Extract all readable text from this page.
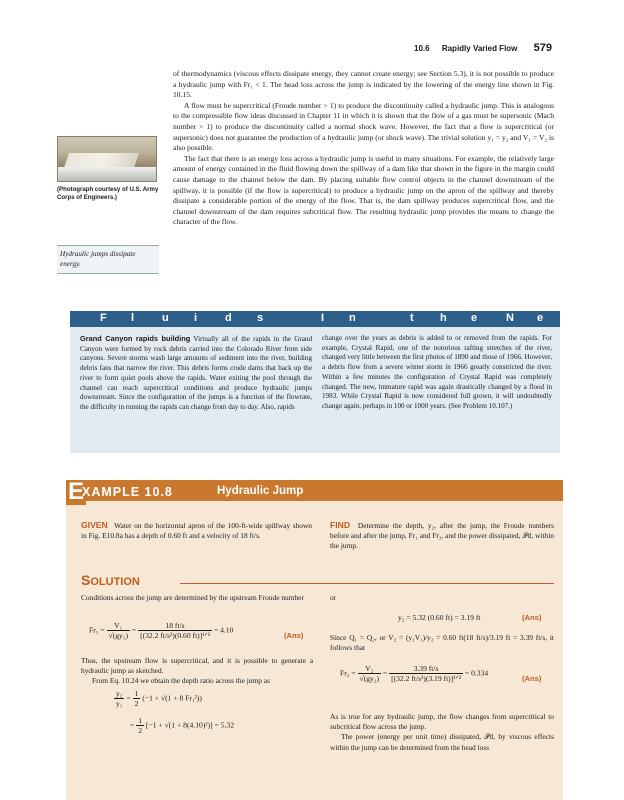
10.6 Rapidly Varied Flow 579

of thermodynamics (viscous effects dissipate energy, they cannot create energy; see Section 5.3), it is not possible to produce a hydraulic jump with Fr₁ < 1. The head loss across the jump is indicated by the lowering of the energy line shown in Fig. 10.15.

A flow must be supercritical (Froude number > 1) to produce the discontinuity called a hydraulic jump. This is analogous to the compressible flow ideas discussed in Chapter 11 in which it is shown that the flow of a gas must be supersonic (Mach number > 1) to produce the discontinuity called a normal shock wave. However, the fact that a flow is supercritical (or supersonic) does not guarantee the production of a hydraulic jump (or shock wave). The trivial solution y₁ = y₂ and V₁ = V₂ is also possible.

The fact that there is an energy loss across a hydraulic jump is useful in many situations. For example, the relatively large amount of energy contained in the fluid flowing down the spillway of a dam like that shown in the figure in the margin could cause damage to the channel below the dam. By placing suitable flow control objects in the channel downstream of the spillway, it is possible (if the flow is supercritical) to produce a hydraulic jump on the apron of the spillway and thereby dissipate a considerable portion of the energy of the flow. That is, the dam spillway produces supercritical flow, and the channel downstream of the dam requires subcritical flow. The resulting hydraulic jump provides the means to change the character of the flow.

(Photograph courtesy of U.S. Army Corps of Engineers.)
Hydraulic jumps dissipate energy.
F l	u i	d s	I n	t h e	N e w s
Grand Canyon rapids building Virtually all of the rapids in the Grand Canyon were formed by rock debris carried into the Colorado River from side canyons. Severe storms wash large amounts of sediment into the river, building debris fans that narrow the river. This debris forms crude dams that back up the river to form quiet pools above the rapids. Water exiting the pool through the channel can reach supercritical conditions and produce hydraulic jumps downstream. Since the configuration of the jumps is a function of the flowrate, the difficulty in running the rapids can change from day to day. Also, rapids
change over the years as debris is added to or removed from the rapids. For example, Crystal Rapid, one of the notorious rafting stretches of the river, changed very little between the first photos of 1890 and those of 1966. However, a debris flow from a severe winter storm in 1966 greatly constricted the river. Within a few minutes the configuration of Crystal Rapid was completely changed. The new, immature rapid was again drastically changed by a flood in 1983. While Crystal Rapid is now considered full grown, it will undoubtedly change again, perhaps in 100 or 1000 years. (See Problem 10.107.)
E
XAMPLE 10.8	Hydraulic Jump
GIVEN Water on the horizontal apron of the 100-ft-wide spillway shown in Fig. E10.8a has a depth of 0.60 ft and a velocity of 18 ft/s.
FIND Determine the depth, y₂, after the jump, the Froude numbers before and after the jump, Fr₁ and Fr₂, and the power dissipated, 𝒫d, within the jump.
SOLUTION
Conditions across the jump are determined by the upstream Froude number
$Fr_1 = \frac{\text{V₁}}{\text{√(gy₁)}} = \frac{18 ft/s}{\text{[(32.2 ft/s²)(0.60 ft)]¹ᐟ²}} = 4.10$
(Ans)
Thus, the upstream flow is supercritical, and it is possible to generate a hydraulic jump as sketched.

From Eq. 10.24 we obtain the depth ratio across the jump as

$\frac{\text{y₂}}{\text{y₁}} = \frac{1}{2} (-1 + √(1 + 8$ Fr₁²))
= $\frac{1}{2} [-1 + √(1 + 8(4.10)^2)] = 5.32$
or
y₂ = 5.32 (0.60 ft) = 3.19 ft	(Ans)
Since Q₁ = Q₂, or V₂ = (y₁V₁)/y₂ = 0.60 ft(18 ft/s)/3.19 ft = 3.39 ft/s, it follows that
$Fr_2 = \frac{\text{V₂}}{\text{√(gy₂)}} = \frac{3.39 ft/s}{\text{[(32.2 ft/s²)(3.19 ft)]¹ᐟ²}} = 0.334$
(Ans)
As is true for any hydraulic jump, the flow changes from supercritical to subcritical flow across the jump.

The power (energy per unit time) dissipated, 𝒫d, by viscous effects within the jump can be determined from the head loss
